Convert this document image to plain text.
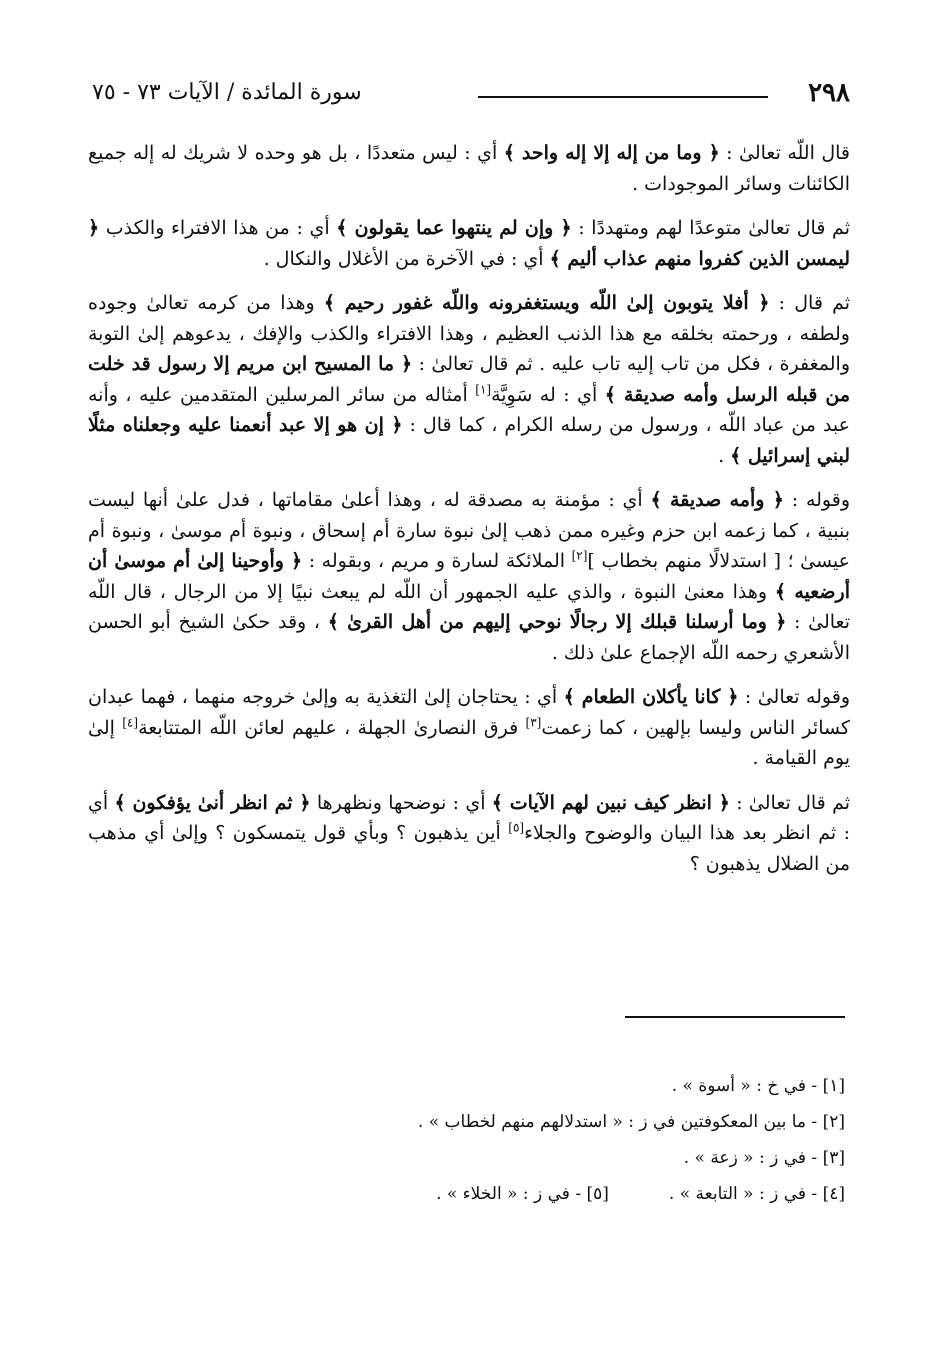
٢٩٨
سورة المائدة / الآيات ٧٣ - ٧٥

قال اللّه تعالىٰ : ﴿ وما من إله إلا إله واحد ﴾ أي : ليس متعددًا ، بل هو وحده لا شريك له إله جميع الكائنات وسائر الموجودات .

ثم قال تعالىٰ متوعدًا لهم ومتهددًا : ﴿ وإن لم ينتهوا عما يقولون ﴾ أي : من هذا الافتراء والكذب ﴿ ليمسن الذين كفروا منهم عذاب أليم ﴾ أي : في الآخرة من الأغلال والنكال .

ثم قال : ﴿ أفلا يتوبون إلىٰ اللّه ويستغفرونه واللّه غفور رحيم ﴾ وهذا من كرمه تعالىٰ وجوده ولطفه ، ورحمته بخلقه مع هذا الذنب العظيم ، وهذا الافتراء والكذب والإفك ، يدعوهم إلىٰ التوبة والمغفرة ، فكل من تاب إليه تاب عليه . ثم قال تعالىٰ : ﴿ ما المسيح ابن مريم إلا رسول قد خلت من قبله الرسل وأمه صديقة ﴾ أي : له سَوِيَّة[١] أمثاله من سائر المرسلين المتقدمين عليه ، وأنه عبد من عباد اللّه ، ورسول من رسله الكرام ، كما قال : ﴿ إن هو إلا عبد أنعمنا عليه وجعلناه مثلًا لبني إسرائيل ﴾ .

وقوله : ﴿ وأمه صديقة ﴾ أي : مؤمنة به مصدقة له ، وهذا أعلىٰ مقاماتها ، فدل علىٰ أنها ليست بنبية ، كما زعمه ابن حزم وغيره ممن ذهب إلىٰ نبوة سارة أم إسحاق ، ونبوة أم موسىٰ ، ونبوة أم عيسىٰ ؛ [ استدلالًا منهم بخطاب ][٢] الملائكة لسارة و مريم ، وبقوله : ﴿ وأوحينا إلىٰ أم موسىٰ أن أرضعيه ﴾ وهذا معنىٰ النبوة ، والذي عليه الجمهور أن اللّه لم يبعث نبيًا إلا من الرجال ، قال اللّه تعالىٰ : ﴿ وما أرسلنا قبلك إلا رجالًا نوحي إليهم من أهل القرىٰ ﴾ ، وقد حكىٰ الشيخ أبو الحسن الأشعري رحمه اللّه الإجماع علىٰ ذلك .

وقوله تعالىٰ : ﴿ كانا يأكلان الطعام ﴾ أي : يحتاجان إلىٰ التغذية به وإلىٰ خروجه منهما ، فهما عبدان كسائر الناس وليسا بإلهين ، كما زعمت[٣] فرق النصارىٰ الجهلة ، عليهم لعائن اللّه المتتابعة[٤] إلىٰ يوم القيامة .

ثم قال تعالىٰ : ﴿ انظر كيف نبين لهم الآيات ﴾ أي : نوضحها ونظهرها ﴿ ثم انظر أنىٰ يؤفكون ﴾ أي : ثم انظر بعد هذا البيان والوضوح والجلاء[٥] أين يذهبون ؟ وبأي قول يتمسكون ؟ وإلىٰ أي مذهب من الضلال يذهبون ؟

[١] - في خ : « أسوة » .
[٢] - ما بين المعكوفتين في ز : « استدلالهم منهم لخطاب » .
[٣] - في ز : « زعة » .
[٤] - في ز : « التابعة » .
[٥] - في ز : « الخلاء » .
